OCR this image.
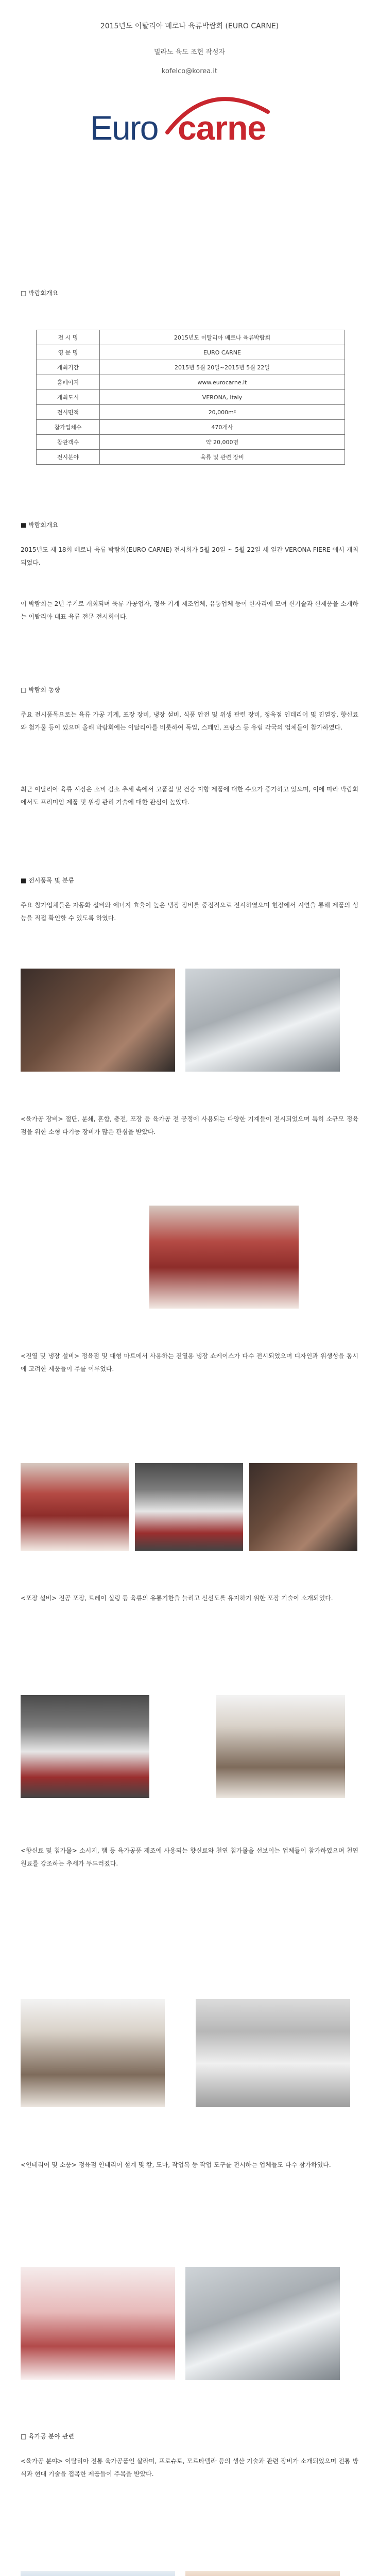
2015년도 이탈리아 베로나 육류박람회 (EURO CARNE)
밀라노 육도 조현 작성자
kofelco@korea.it
Euro carne
□ 박람회개요
전 시 명	2015년도 이탈리아 베로나 육류박람회
영 문 명	EURO CARNE
개최기간	2015년 5월 20일~2015년 5월 22일
홈페이지	www.eurocarne.it
개최도시	VERONA, Italy
전시면적	20,000m²
참가업체수	470개사
참관객수	약 20,000명
전시분야	육류 및 관련 장비
■ 박람회개요
2015년도 제 18회 베로나 육류 박람회(EURO CARNE) 전시회가 5월 20일 ~ 5월 22일 세 일간 VERONA FIERE 에서 개최되었다.
이 박람회는 2년 주기로 개최되며 육류 가공업자, 정육 기계 제조업체, 유통업체 등이 한자리에 모여 신기술과 신제품을 소개하는 이탈리아 대표 육류 전문 전시회이다.
□ 박람회 동향
주요 전시품목으로는 육류 가공 기계, 포장 장비, 냉장 설비, 식품 안전 및 위생 관련 장비, 정육점 인테리어 및 진열장, 향신료와 첨가물 등이 있으며 올해 박람회에는 이탈리아를 비롯하여 독일, 스페인, 프랑스 등 유럽 각국의 업체들이 참가하였다.
최근 이탈리아 육류 시장은 소비 감소 추세 속에서 고품질 및 건강 지향 제품에 대한 수요가 증가하고 있으며, 이에 따라 박람회에서도 프리미엄 제품 및 위생 관리 기술에 대한 관심이 높았다.
■ 전시품목 및 분류
주요 참가업체들은 자동화 설비와 에너지 효율이 높은 냉장 장비를 중점적으로 전시하였으며 현장에서 시연을 통해 제품의 성능을 직접 확인할 수 있도록 하였다.
<육가공 장비> 절단, 분쇄, 혼합, 충전, 포장 등 육가공 전 공정에 사용되는 다양한 기계들이 전시되었으며 특히 소규모 정육점을 위한 소형 다기능 장비가 많은 관심을 받았다.
<진열 및 냉장 설비> 정육점 및 대형 마트에서 사용하는 진열용 냉장 쇼케이스가 다수 전시되었으며 디자인과 위생성을 동시에 고려한 제품들이 주를 이루었다.
<포장 설비> 진공 포장, 트레이 실링 등 육류의 유통기한을 늘리고 신선도를 유지하기 위한 포장 기술이 소개되었다.
<향신료 및 첨가물> 소시지, 햄 등 육가공품 제조에 사용되는 향신료와 천연 첨가물을 선보이는 업체들이 참가하였으며 천연 원료를 강조하는 추세가 두드러졌다.
<인테리어 및 소품> 정육점 인테리어 설계 및 칼, 도마, 작업복 등 작업 도구를 전시하는 업체들도 다수 참가하였다.
□ 육가공 분야 관련
<육가공 분야> 이탈리아 전통 육가공품인 살라미, 프로슈토, 모르타델라 등의 생산 기술과 관련 장비가 소개되었으며 전통 방식과 현대 기술을 접목한 제품들이 주목을 받았다.
